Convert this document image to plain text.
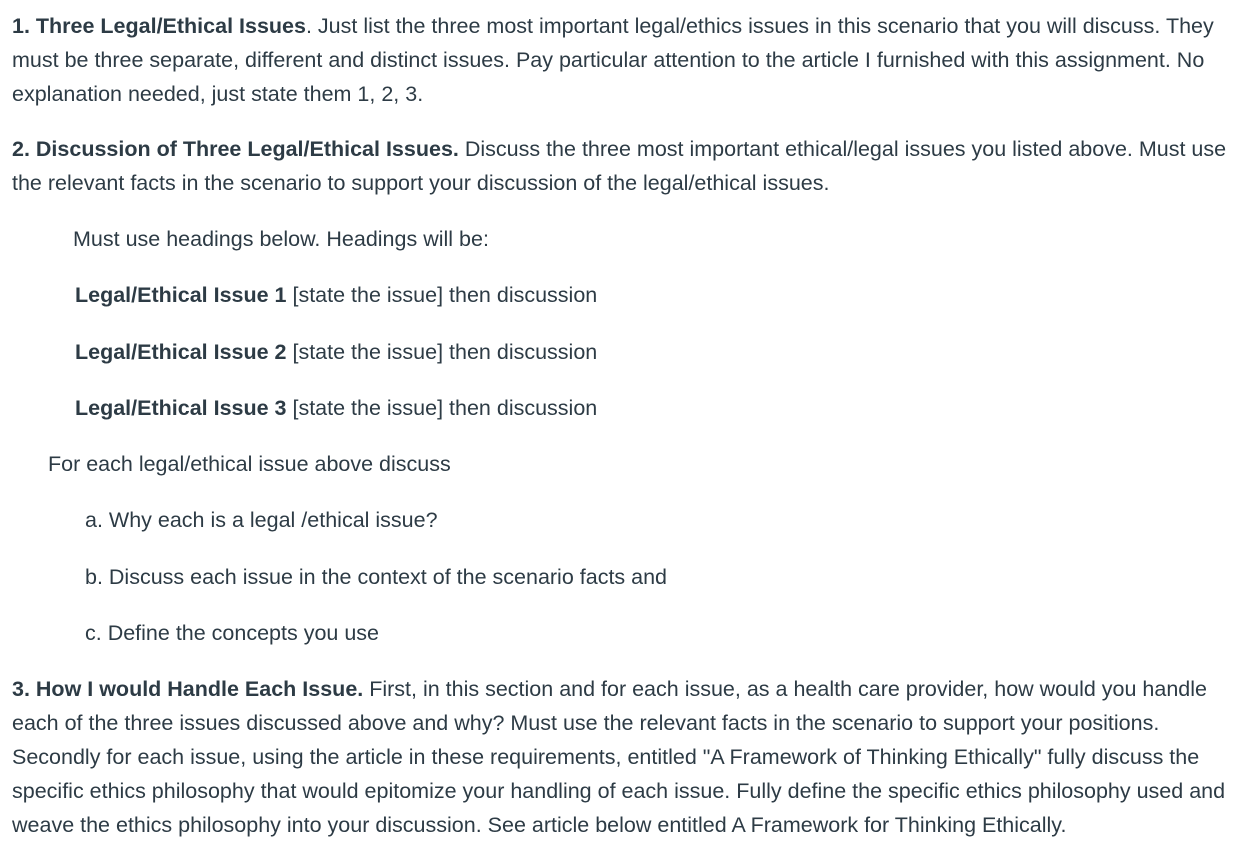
1. Three Legal/Ethical Issues. Just list the three most important legal/ethics issues in this scenario that you will discuss. They must be three separate, different and distinct issues. Pay particular attention to the article I furnished with this assignment. No explanation needed, just state them 1, 2, 3.

2. Discussion of Three Legal/Ethical Issues. Discuss the three most important ethical/legal issues you listed above. Must use the relevant facts in the scenario to support your discussion of the legal/ethical issues.

Must use headings below. Headings will be:

Legal/Ethical Issue 1 [state the issue] then discussion

Legal/Ethical Issue 2 [state the issue] then discussion

Legal/Ethical Issue 3 [state the issue] then discussion

For each legal/ethical issue above discuss

a. Why each is a legal /ethical issue?

b. Discuss each issue in the context of the scenario facts and

c. Define the concepts you use

3. How I would Handle Each Issue. First, in this section and for each issue, as a health care provider, how would you handle each of the three issues discussed above and why? Must use the relevant facts in the scenario to support your positions. Secondly for each issue, using the article in these requirements, entitled "A Framework of Thinking Ethically" fully discuss the specific ethics philosophy that would epitomize your handling of each issue. Fully define the specific ethics philosophy used and weave the ethics philosophy into your discussion. See article below entitled A Framework for Thinking Ethically.
